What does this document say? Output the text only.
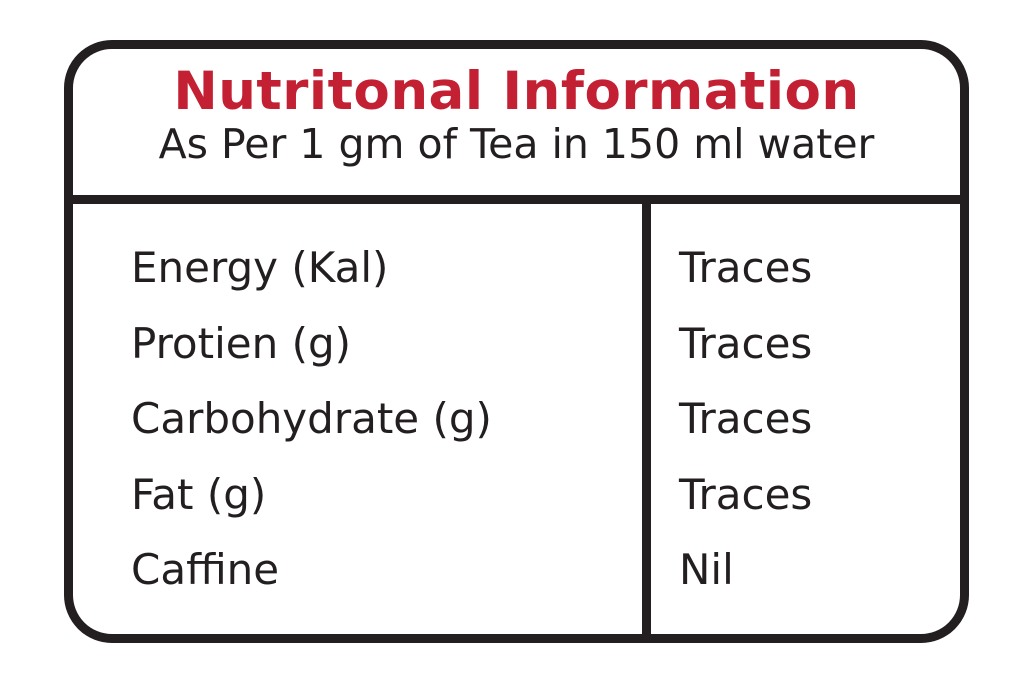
Nutritonal Information

As Per 1 gm of Tea in 150 ml water

Energy (Kal)
Protien (g)
Carbohydrate (g)
Fat (g)
Caffine
Traces
Traces
Traces
Traces
Nil
